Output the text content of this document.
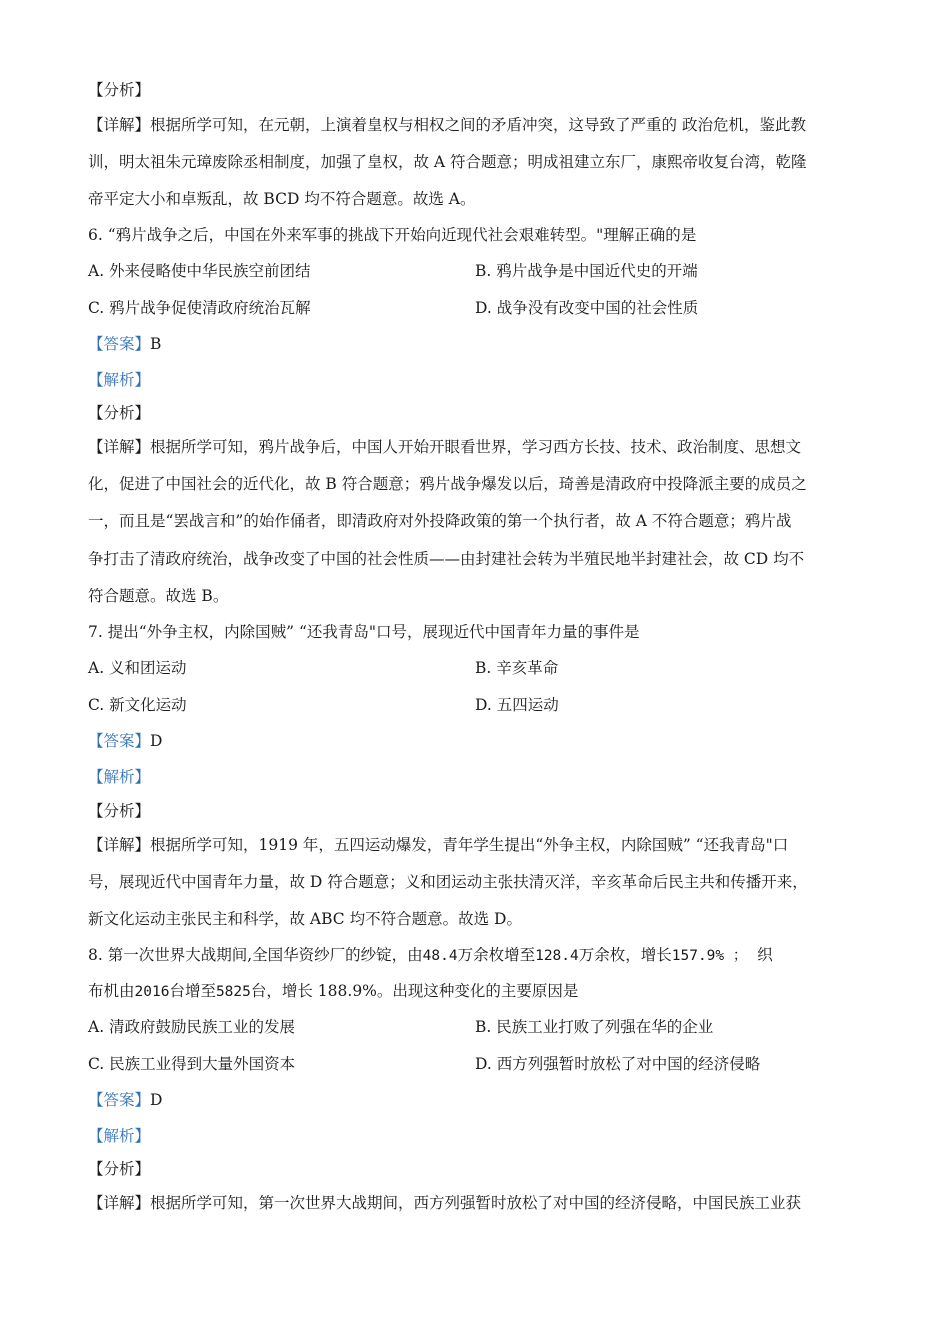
【分析】
【详解】根据所学可知，在元朝，上演着皇权与相权之间的矛盾冲突，这导致了严重的 政治危机，鉴此教
训，明太祖朱元璋废除丞相制度，加强了皇权，故 A 符合题意；明成祖建立东厂，康熙帝收复台湾，乾隆
帝平定大小和卓叛乱，故 BCD 均不符合题意。故选 A。
6. “鸦片战争之后，中国在外来军事的挑战下开始向近现代社会艰难转型。"理解正确的是
A. 外来侵略使中华民族空前团结	B. 鸦片战争是中国近代史的开端
C. 鸦片战争促使清政府统治瓦解	D. 战争没有改变中国的社会性质
【答案】B
【解析】
【分析】
【详解】根据所学可知，鸦片战争后，中国人开始开眼看世界，学习西方长技、技术、政治制度、思想文
化，促进了中国社会的近代化，故 B 符合题意；鸦片战争爆发以后，琦善是清政府中投降派主要的成员之
一，而且是“罢战言和”的始作俑者，即清政府对外投降政策的第一个执行者，故 A 不符合题意；鸦片战
争打击了清政府统治，战争改变了中国的社会性质——由封建社会转为半殖民地半封建社会，故 CD 均不
符合题意。故选 B。
7. 提出“外争主权，内除国贼” “还我青岛"口号，展现近代中国青年力量的事件是
A. 义和团运动	B. 辛亥革命
C. 新文化运动	D. 五四运动
【答案】D
【解析】
【分析】
【详解】根据所学可知，1919 年，五四运动爆发，青年学生提出“外争主权，内除国贼” “还我青岛"口
号，展现近代中国青年力量，故 D 符合题意；义和团运动主张扶清灭洋，辛亥革命后民主共和传播开来，
新文化运动主张民主和科学，故 ABC 均不符合题意。故选 D。
8. 第一次世界大战期间,全国华资纱厂的纱锭，由48.4万余枚增至128.4万余枚，增长157.9% ； 织
布机由2016台增至5825台，增长 188.9%。出现这种变化的主要原因是
A. 清政府鼓励民族工业的发展	B. 民族工业打败了列强在华的企业
C. 民族工业得到大量外国资本	D. 西方列强暂时放松了对中国的经济侵略
【答案】D
【解析】
【分析】
【详解】根据所学可知，第一次世界大战期间，西方列强暂时放松了对中国的经济侵略，中国民族工业获
